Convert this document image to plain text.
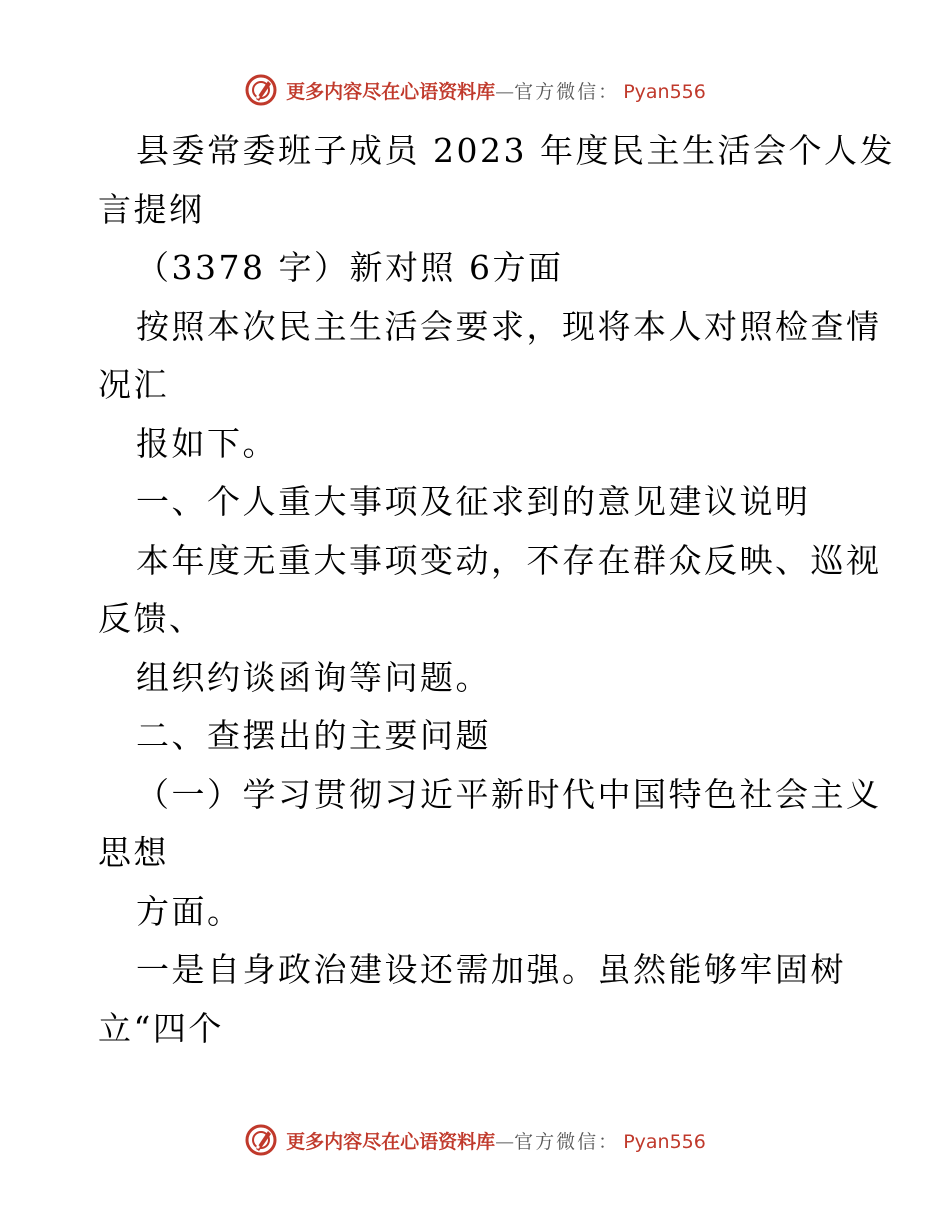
更多内容尽在心语资料库 — 官方微信： Pyan556
县委常委班子成员 2023 年度民主生活会个人发
言提纲
（3378 字）新对照 6方面
按照本次民主生活会要求，现将本人对照检查情
况汇
报如下。
一、个人重大事项及征求到的意见建议说明
本年度无重大事项变动，不存在群众反映、巡视
反馈、
组织约谈函询等问题。
二、查摆出的主要问题
（一）学习贯彻习近平新时代中国特色社会主义
思想
方面。
一是自身政治建设还需加强。虽然能够牢固树
立“四个
更多内容尽在心语资料库 — 官方微信： Pyan556
